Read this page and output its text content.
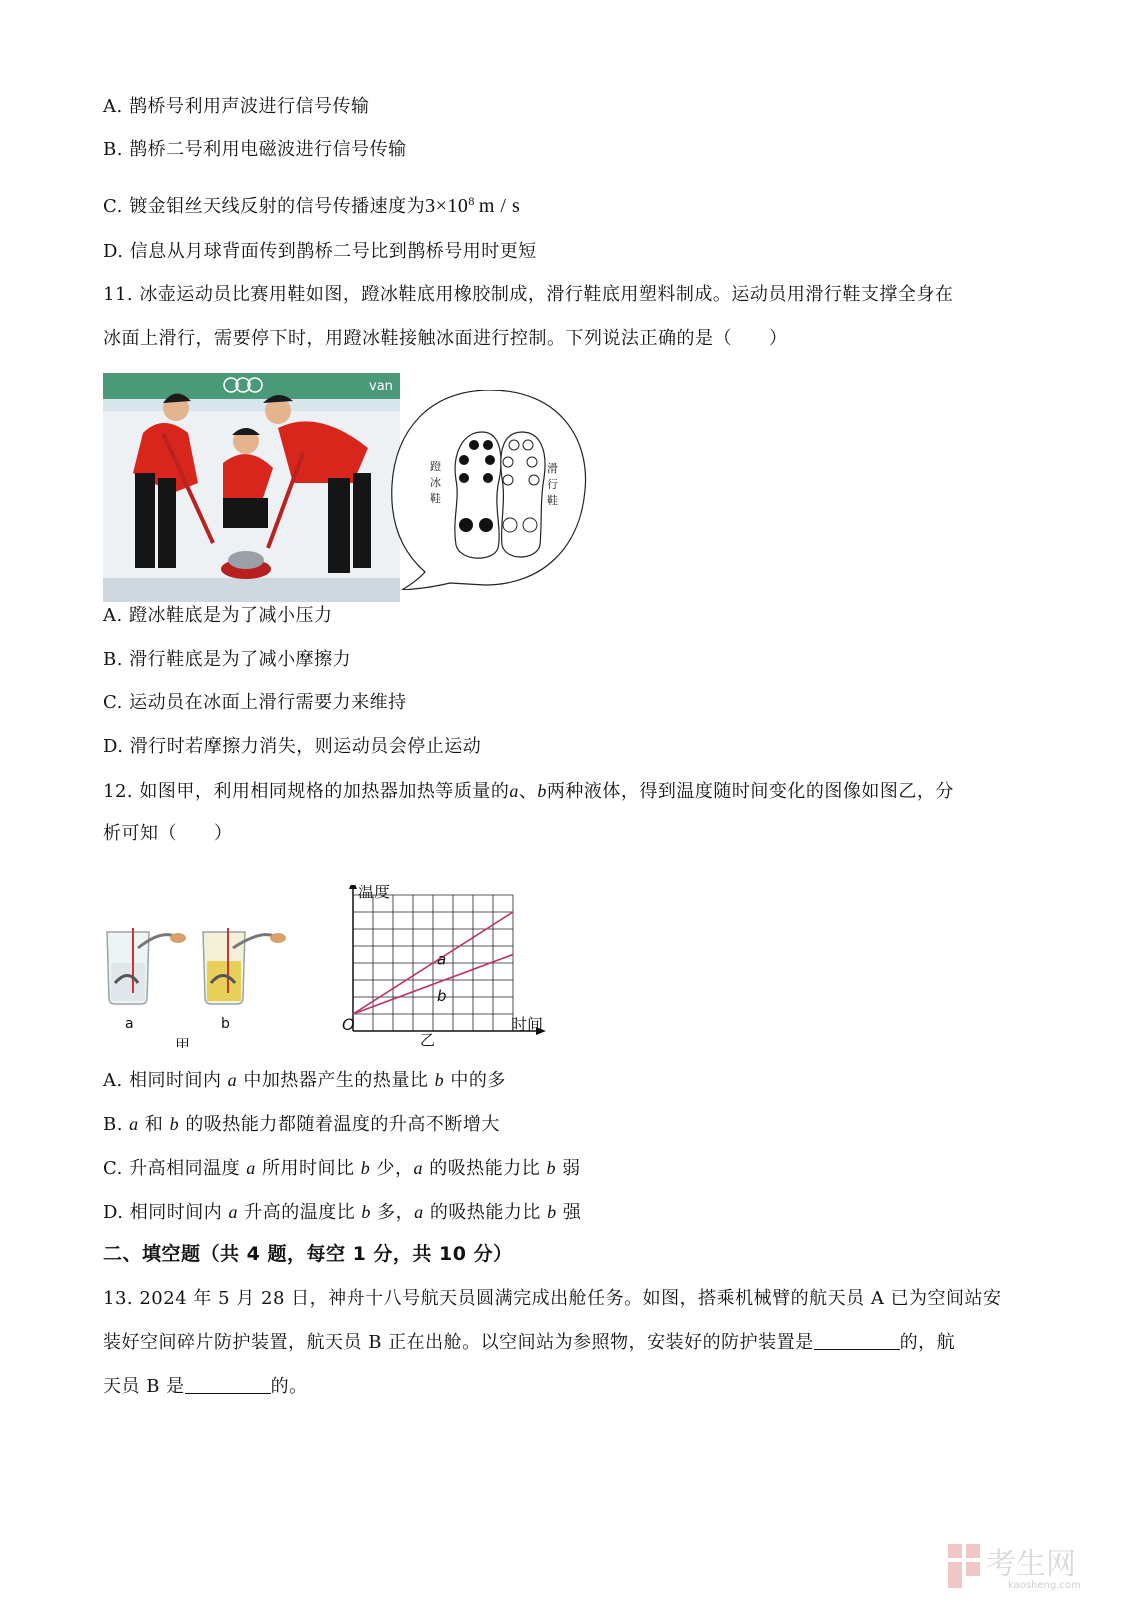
A. 鹊桥号利用声波进行信号传输
B. 鹊桥二号利用电磁波进行信号传输
C. 镀金钼丝天线反射的信号传播速度为$3\times 10^8$ m / s
D. 信息从月球背面传到鹊桥二号比到鹊桥号用时更短
11. 冰壶运动员比赛用鞋如图，蹬冰鞋底用橡胶制成，滑行鞋底用塑料制成。运动员用滑行鞋支撑全身在
冰面上滑行，需要停下时，用蹬冰鞋接触冰面进行控制。下列说法正确的是（　　）
van
蹬
冰
鞋
滑
行
鞋
A. 蹬冰鞋底是为了减小压力
B. 滑行鞋底是为了减小摩擦力
C. 运动员在冰面上滑行需要力来维持
D. 滑行时若摩擦力消失，则运动员会停止运动
12. 如图甲，利用相同规格的加热器加热等质量的a、b两种液体，得到温度随时间变化的图像如图乙，分
析可知（　　）
a
甲
b
a
b
温度
时间
O
乙
A. 相同时间内 a 中加热器产生的热量比 b 中的多
B. a 和 b 的吸热能力都随着温度的升高不断增大
C. 升高相同温度 a 所用时间比 b 少，a 的吸热能力比 b 弱
D. 相同时间内 a 升高的温度比 b 多，a 的吸热能力比 b 强
二、填空题（共 4 题，每空 1 分，共 10 分）
13. 2024 年 5 月 28 日，神舟十八号航天员圆满完成出舱任务。如图，搭乘机械臂的航天员 A 已为空间站安
装好空间碎片防护装置，航天员 B 正在出舱。以空间站为参照物，安装好的防护装置是	的，航
天员 B 是	的。
考生网
kaosheng.com
